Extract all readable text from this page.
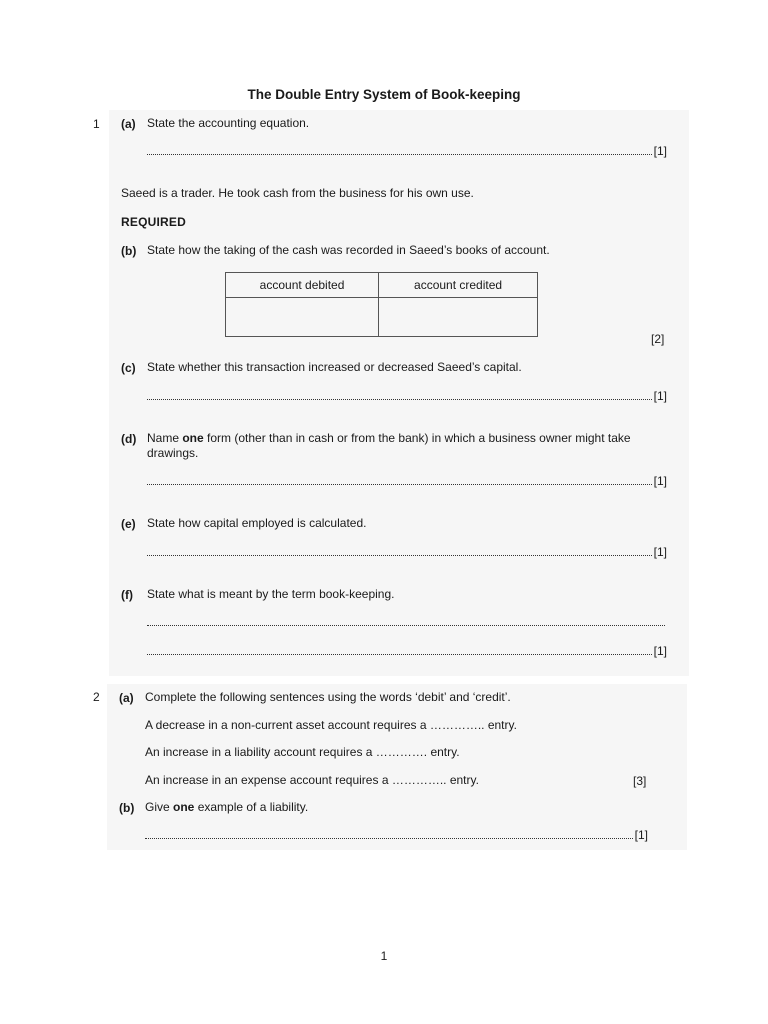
The Double Entry System of Book-keeping
1 (a) State the accounting equation.
[1]
Saeed is a trader. He took cash from the business for his own use.
REQUIRED
(b) State how the taking of the cash was recorded in Saeed’s books of account.
account debited	account credited

[2]
(c) State whether this transaction increased or decreased Saeed’s capital.
[1]
(d) Name one form (other than in cash or from the bank) in which a business owner might take
drawings.
[1]
(e) State how capital employed is calculated.
[1]
(f) State what is meant by the term book-keeping.
[1]
2 (a) Complete the following sentences using the words ‘debit’ and ‘credit’.
A decrease in a non-current asset account requires a ………….. entry.
An increase in a liability account requires a …………. entry.
An increase in an expense account requires a ………….. entry.	[3]
(b) Give one example of a liability.
[1]
1
